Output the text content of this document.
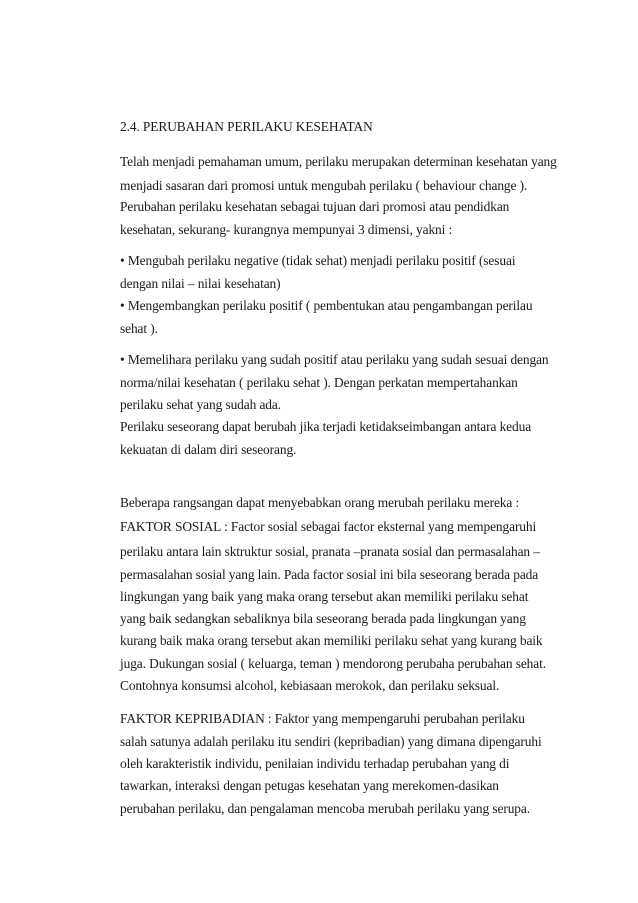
2.4. PERUBAHAN PERILAKU KESEHATAN
Telah menjadi pemahaman umum, perilaku merupakan determinan kesehatan yang
menjadi sasaran dari promosi untuk mengubah perilaku ( behaviour change ).
Perubahan perilaku kesehatan sebagai tujuan dari promosi atau pendidkan
kesehatan, sekurang- kurangnya mempunyai 3 dimensi, yakni :
• Mengubah perilaku negative (tidak sehat) menjadi perilaku positif (sesuai
dengan nilai – nilai kesehatan)
• Mengembangkan perilaku positif ( pembentukan atau pengambangan perilau
sehat ).
• Memelihara perilaku yang sudah positif atau perilaku yang sudah sesuai dengan
norma/nilai kesehatan ( perilaku sehat ). Dengan perkatan mempertahankan
perilaku sehat yang sudah ada.
Perilaku seseorang dapat berubah jika terjadi ketidakseimbangan antara kedua
kekuatan di dalam diri seseorang.
Beberapa rangsangan dapat menyebabkan orang merubah perilaku mereka :
FAKTOR SOSIAL : Factor sosial sebagai factor eksternal yang mempengaruhi
perilaku antara lain sktruktur sosial, pranata –pranata sosial dan permasalahan –
permasalahan sosial yang lain. Pada factor sosial ini bila seseorang berada pada
lingkungan yang baik yang maka orang tersebut akan memiliki perilaku sehat
yang baik sedangkan sebaliknya bila seseorang berada pada lingkungan yang
kurang baik maka orang tersebut akan memiliki perilaku sehat yang kurang baik
juga. Dukungan sosial ( keluarga, teman ) mendorong perubaha perubahan sehat.
Contohnya konsumsi alcohol, kebiasaan merokok, dan perilaku seksual.
FAKTOR KEPRIBADIAN : Faktor yang mempengaruhi perubahan perilaku
salah satunya adalah perilaku itu sendiri (kepribadian) yang dimana dipengaruhi
oleh karakteristik individu, penilaian individu terhadap perubahan yang di
tawarkan, interaksi dengan petugas kesehatan yang merekomen-dasikan
perubahan perilaku, dan pengalaman mencoba merubah perilaku yang serupa.
